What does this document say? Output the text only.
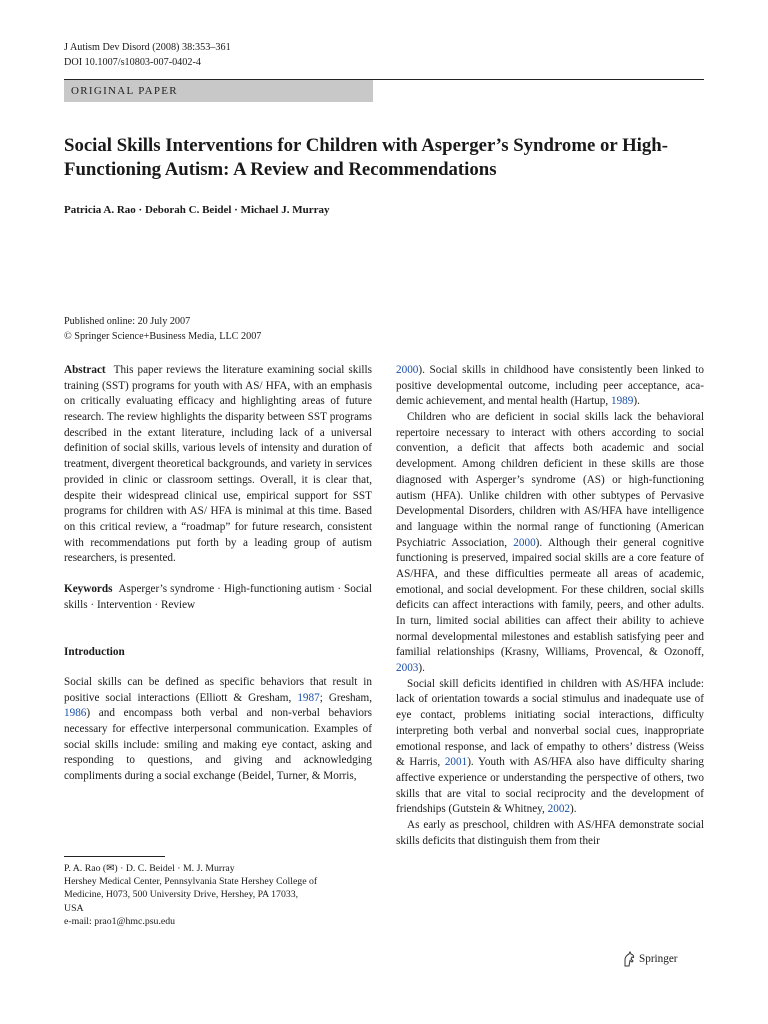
J Autism Dev Disord (2008) 38:353–361
DOI 10.1007/s10803-007-0402-4
ORIGINAL PAPER
Social Skills Interventions for Children with Asperger’s Syndrome or High-Functioning Autism: A Review and Recommendations
Patricia A. Rao · Deborah C. Beidel · Michael J. Murray
Published online: 20 July 2007
© Springer Science+Business Media, LLC 2007

Abstract This paper reviews the literature examining social skills training (SST) programs for youth with AS/ HFA, with an emphasis on critically evaluating efficacy and highlighting areas of future research. The review highlights the disparity between SST programs described in the extant literature, including lack of a universal definition of social skills, various levels of intensity and duration of treatment, divergent theoretical backgrounds, and variety in services provided in clinic or classroom settings. Overall, it is clear that, despite their widespread clinical use, empirical support for SST programs for children with AS/ HFA is minimal at this time. Based on this critical review, a “roadmap” for future research, consistent with recommendations put forth by a leading group of autism researchers, is presented.

Keywords Asperger’s syndrome · High-functioning autism · Social skills · Intervention · Review

Introduction

Social skills can be defined as specific behaviors that result in positive social interactions (Elliott & Gresham, 1987; Gresham, 1986) and encompass both verbal and non-verbal behaviors necessary for effective interpersonal communication. Examples of social skills include: smiling and making eye contact, asking and responding to questions, and giving and acknowledging compliments during a social exchange (Beidel, Turner, & Morris,

2000). Social skills in childhood have consistently been linked to positive developmental outcome, including peer acceptance, academic achievement, and mental health (Hartup, 1989).

Children who are deficient in social skills lack the behavioral repertoire necessary to interact with others according to social convention, a deficit that affects both academic and social development. Among children deficient in these skills are those diagnosed with Asperger’s syndrome (AS) or high-functioning autism (HFA). Unlike children with other subtypes of Pervasive Developmental Disorders, children with AS/HFA have intelligence and language within the normal range of functioning (American Psychiatric Association, 2000). Although their general cognitive functioning is preserved, impaired social skills are a core feature of AS/HFA, and these difficulties permeate all areas of academic, emotional, and social development. For these children, social skills deficits can affect interactions with family, peers, and other adults. In turn, limited social abilities can affect their ability to achieve normal developmental milestones and establish satisfying peer and familial relationships (Krasny, Williams, Provencal, & Ozonoff, 2003).

Social skill deficits identified in children with AS/HFA include: lack of orientation towards a social stimulus and inadequate use of eye contact, problems initiating social interactions, difficulty interpreting both verbal and nonverbal social cues, inappropriate emotional response, and lack of empathy to others’ distress (Weiss & Harris, 2001). Youth with AS/HFA also have difficulty sharing affective experience or understanding the perspective of others, two skills that are vital to social reciprocity and the development of friendships (Gutstein & Whitney, 2002).

As early as preschool, children with AS/HFA demonstrate social skills deficits that distinguish them from their

P. A. Rao (✉) · D. C. Beidel · M. J. Murray
Hershey Medical Center, Pennsylvania State Hershey College of
Medicine, H073, 500 University Drive, Hershey, PA 17033,
USA
e-mail: prao1@hmc.psu.edu
Springer
